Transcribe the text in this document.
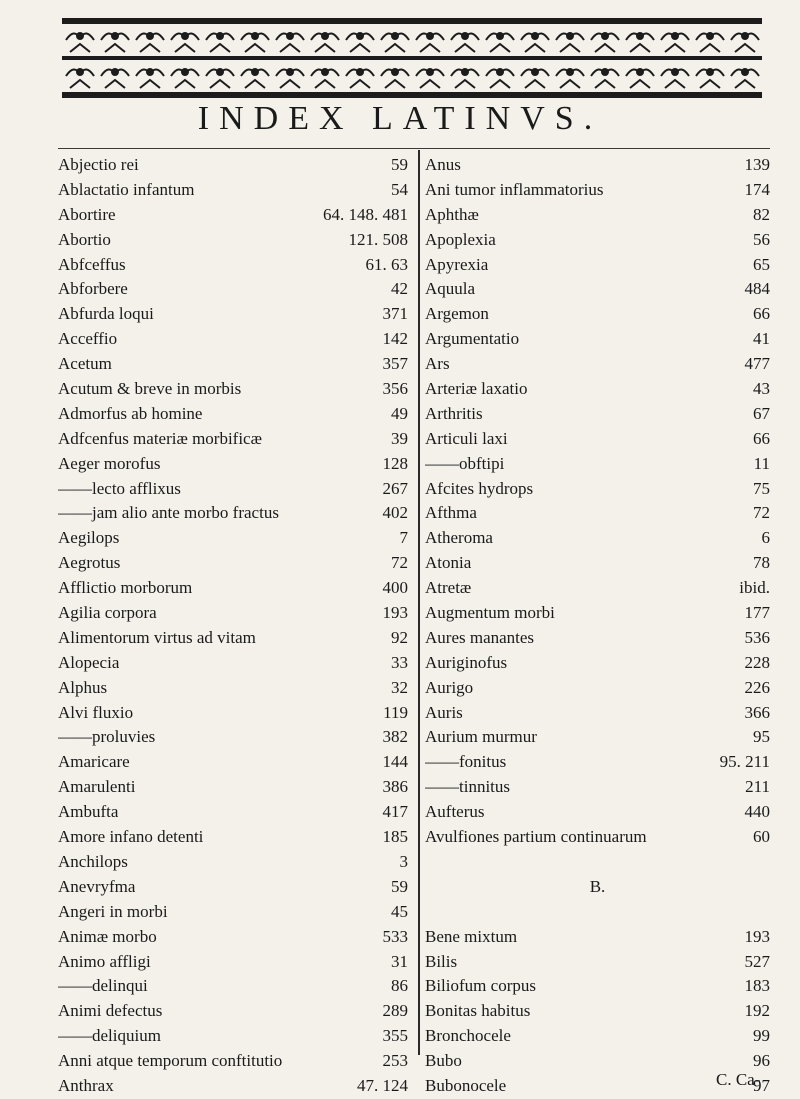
INDEX LATINVS.
Abjectio rei	59
Ablactatio infantum	54
Abortire	64. 148. 481
Abortio	121. 508
Abfceffus	61. 63
Abforbere	42
Abfurda loqui	371
Acceffio	142
Acetum	357
Acutum & breve in morbis	356
Admorfus ab homine	49
Adfcenfus materiæ morbificæ	39
Aeger morofus	128
—— lecto afflixus	267
—— jam alio ante morbo fractus	402
Aegilops	7
Aegrotus	72
Afflictio morborum	400
Agilia corpora	193
Alimentorum virtus ad vitam	92
Alopecia	33
Alphus	32
Alvi fluxio	119
—— proluvies	382
Amaricare	144
Amarulenti	386
Ambufta	417
Amore infano detenti	185
Anchilops	3
Anevryfma	59
Angeri in morbi	45
Animæ morbo	533
Animo affligi	31
—— delinqui	86
Animi defectus	289
—— deliquium	355
Anni atque temporum conftitutio	253
Anthrax	47. 124
Anus	139
Ani tumor inflammatorius	174
Aphthæ	82
Apoplexia	56
Apyrexia	65
Aquula	484
Argemon	66
Argumentatio	41
Ars	477
Arteriæ laxatio	43
Arthritis	67
Articuli laxi	66
—— obftipi	11
Afcites hydrops	75
Afthma	72
Atheroma	6
Atonia	78
Atretæ	ibid.
Augmentum morbi	177
Aures manantes	536
Auriginofus	228
Aurigo	226
Auris	366
Aurium murmur	95
—— fonitus	95. 211
—— tinnitus	211
Aufterus	440
Avulfiones partium continuarum	60
B.
Bene mixtum	193
Bilis	527
Biliofum corpus	183
Bonitas habitus	192
Bronchocele	99
Bubo	96
Bubonocele	97
C. Ca-
